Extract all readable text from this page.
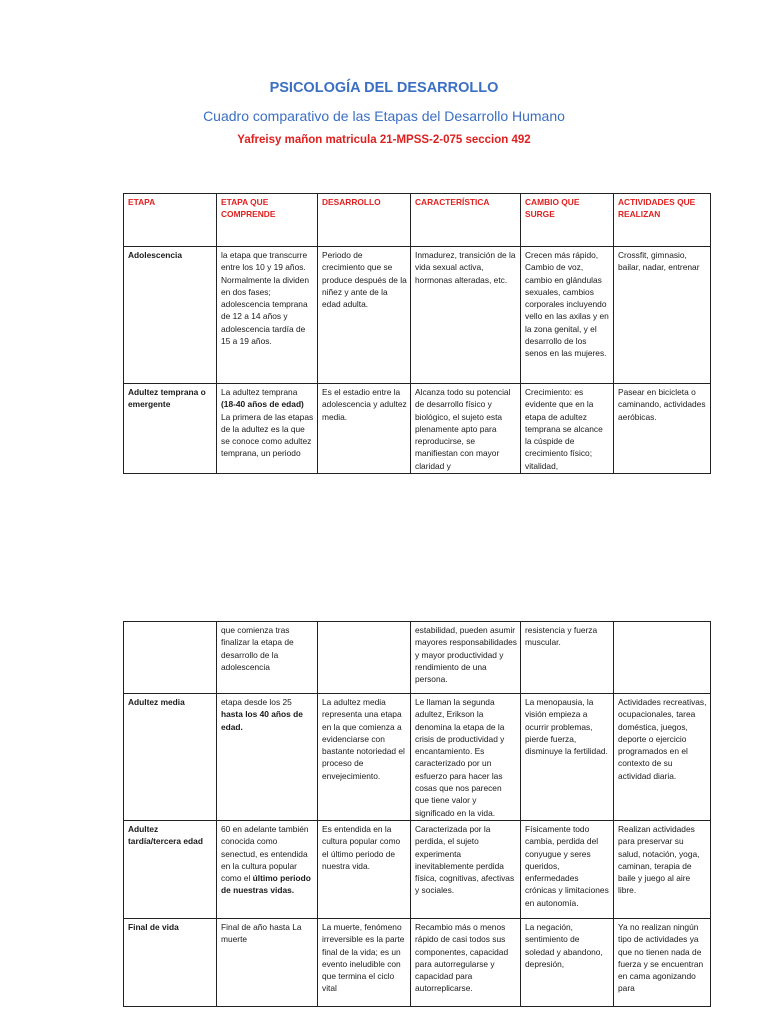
PSICOLOGÍA DEL DESARROLLO
Cuadro comparativo de las Etapas del Desarrollo Humano
Yafreisy mañon matricula 21-MPSS-2-075 seccion 492
ETAPA	ETAPA QUE COMPRENDE	DESARROLLO	CARACTERÍSTICA	CAMBIO QUE SURGE	ACTIVIDADES QUE REALIZAN
Adolescencia	la etapa que transcurre entre los 10 y 19 años. Normalmente la dividen en dos fases; adolescencia temprana de 12 a 14 años y adolescencia tardía de 15 a 19 años.	Periodo de crecimiento que se produce después de la niñez y ante de la edad adulta.	Inmadurez, transición de la vida sexual activa, hormonas alteradas, etc.	Crecen más rápido, Cambio de voz, cambio en glándulas sexuales, cambios corporales incluyendo vello en las axilas y en la zona genital, y el desarrollo de los senos en las mujeres.	Crossfit, gimnasio, bailar, nadar, entrenar
Adultez temprana o emergente	La adultez temprana (18-40 años de edad) La primera de las etapas de la adultez es la que se conoce como adultez temprana, un periodo	Es el estadio entre la adolescencia y adultez media.	Alcanza todo su potencial de desarrollo físico y biológico, el sujeto esta plenamente apto para reproducirse, se manifiestan con mayor claridad y	Crecimiento: es evidente que en la etapa de adultez temprana se alcance la cúspide de crecimiento físico; vitalidad,	Pasear en bicicleta o caminando, actividades aeróbicas.
	que comienza tras finalizar la etapa de desarrollo de la adolescencia		estabilidad, pueden asumir mayores responsabilidades y mayor productividad y rendimiento de una persona.	resistencia y fuerza muscular.	
Adultez media	etapa desde los 25 hasta los 40 años de edad.	La adultez media representa una etapa en la que comienza a evidenciarse con bastante notoriedad el proceso de envejecimiento.	Le llaman la segunda adultez, Erikson la denomina la etapa de la crisis de productividad y encantamiento. Es caracterizado por un esfuerzo para hacer las cosas que nos parecen que tiene valor y significado en la vida.	La menopausia, la visión empieza a ocurrir problemas, pierde fuerza, disminuye la fertilidad.	Actividades recreativas, ocupacionales, tarea doméstica, juegos, deporte o ejercicio programados en el contexto de su actividad diaria.
Adultez tardía/tercera edad	60 en adelante también conocida como senectud, es entendida en la cultura popular como el último periodo de nuestras vidas.	Es entendida en la cultura popular como el último periodo de nuestra vida.	Caracterizada por la perdida, el sujeto experimenta inevitablemente perdida física, cognitivas, afectivas y sociales.	Físicamente todo cambia, perdida del conyugue y seres queridos, enfermedades crónicas y limitaciones en autonomía.	Realizan actividades para preservar su salud, notación, yoga, caminan, terapia de baile y juego al aire libre.
Final de vida	Final de año hasta La muerte	La muerte, fenómeno irreversible es la parte final de la vida; es un evento ineludible con que termina el ciclo vital	Recambio más o menos rápido de casi todos sus componentes, capacidad para autorregularse y capacidad para autorreplicarse.	La negación, sentimiento de soledad y abandono, depresión,	Ya no realizan ningún tipo de actividades ya que no tienen nada de fuerza y se encuentran en cama agonizando para
